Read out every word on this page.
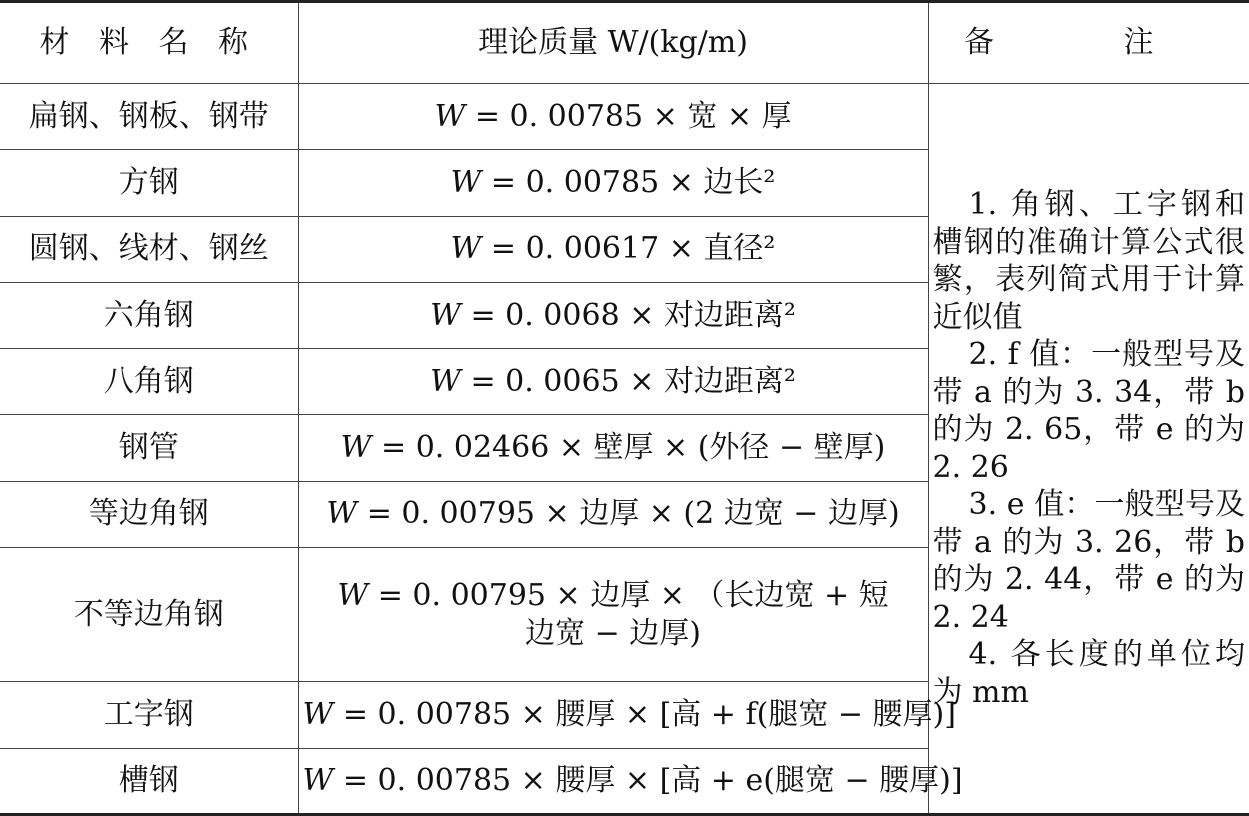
材 料 名 称	理论质量 W/(kg/m)	备 注
扁钢、钢板、钢带	W = 0. 00785 × 宽 × 厚	1. 角钢、工字钢和槽钢的准确计算公式很繁，表列简式用于计算近似值

2. f 值：一般型号及带 a 的为 3. 34，带 b 的为 2. 65，带 e 的为 2. 26

3. e 值：一般型号及带 a 的为 3. 26，带 b 的为 2. 44，带 e 的为 2. 24

4. 各长度的单位均为 mm

方钢	W = 0. 00785 × 边长²	
圆钢、线材、钢丝	W = 0. 00617 × 直径²	
六角钢	W = 0. 0068 × 对边距离²	
八角钢	W = 0. 0065 × 对边距离²	
钢管	W = 0. 02466 × 壁厚 × (外径 − 壁厚)	
等边角钢	W = 0. 00795 × 边厚 × (2 边宽 − 边厚)	
不等边角钢	W = 0. 00795 × 边厚 × （长边宽 + 短边宽 − 边厚)	
工字钢	W = 0. 00785 × 腰厚 × [高 + f(腿宽 − 腰厚)]	
槽钢	W = 0. 00785 × 腰厚 × [高 + e(腿宽 − 腰厚)]	
